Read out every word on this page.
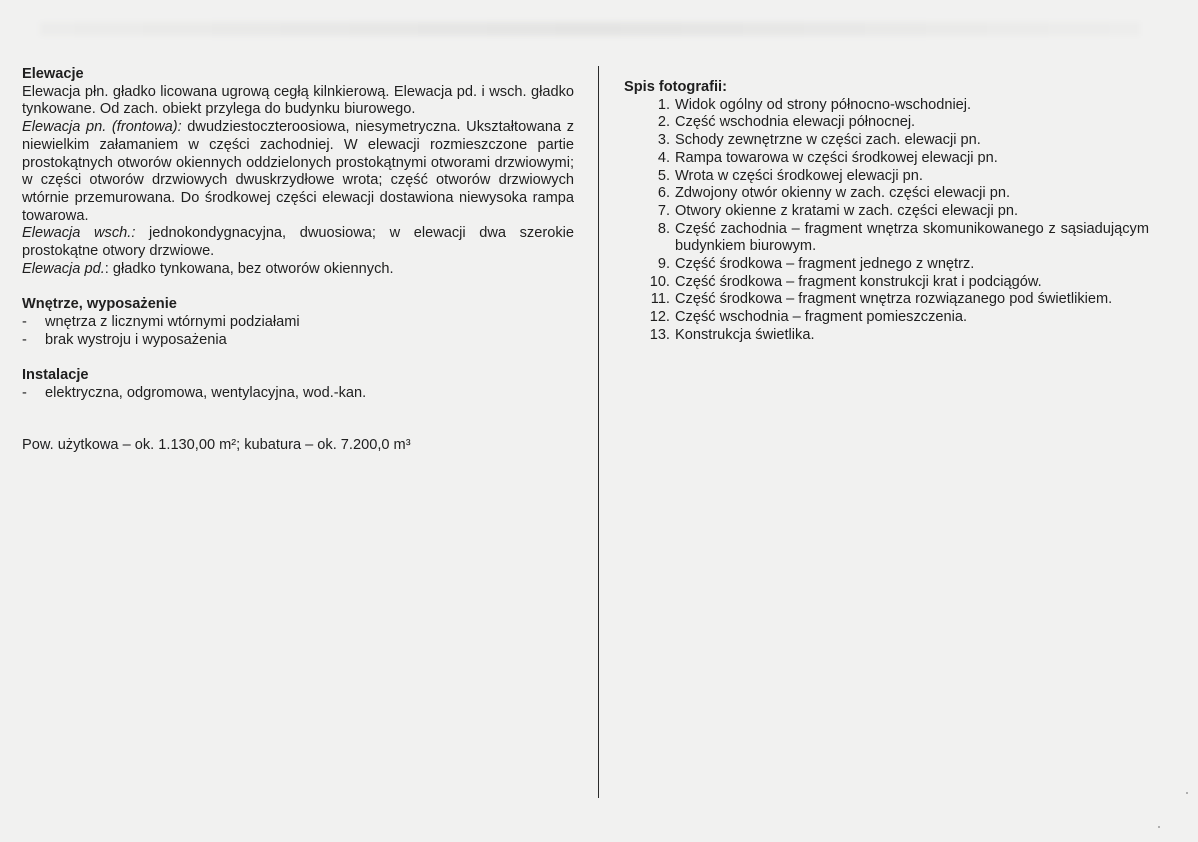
Elewacje

Elewacja płn. gładko licowana ugrową cegłą kilnkierową. Elewacja pd. i wsch. gładko tynkowane. Od zach. obiekt przylega do budynku biurowego.

Elewacja pn. (frontowa): dwudziestoczteroosiowa, niesymetryczna. Ukształtowana z niewielkim załamaniem w części zachodniej. W elewacji rozmieszczone partie prostokątnych otworów okiennych oddzielonych prostokątnymi otworami drzwiowymi; w części otworów drzwiowych dwuskrzydłowe wrota; część otworów drzwiowych wtórnie przemurowana. Do środkowej części elewacji dostawiona niewysoka rampa towarowa.

Elewacja wsch.: jednokondygnacyjna, dwuosiowa; w elewacji dwa szerokie prostokątne otwory drzwiowe.

Elewacja pd.: gładko tynkowana, bez otworów okiennych.

Wnętrze, wyposażenie
- wnętrza z licznymi wtórnymi podziałami
- brak wystroju i wyposażenia
Instalacje
- elektryczna, odgromowa, wentylacyjna, wod.-kan.

Pow. użytkowa – ok. 1.130,00 m²; kubatura – ok. 7.200,0 m³

Spis fotografii:
1. Widok ogólny od strony północno-wschodniej.
2. Część wschodnia elewacji północnej.
3. Schody zewnętrzne w części zach. elewacji pn.
4. Rampa towarowa w części środkowej elewacji pn.
5. Wrota w części środkowej elewacji pn.
6. Zdwojony otwór okienny w zach. części elewacji pn.
7. Otwory okienne z kratami w zach. części elewacji pn.
8. Część zachodnia – fragment wnętrza skomunikowanego z sąsiadującym budynkiem biurowym.
9. Część środkowa – fragment jednego z wnętrz.
10. Część środkowa – fragment konstrukcji krat i podciągów.
11. Część środkowa – fragment wnętrza rozwiązanego pod świetlikiem.
12. Część wschodnia – fragment pomieszczenia.
13. Konstrukcja świetlika.
